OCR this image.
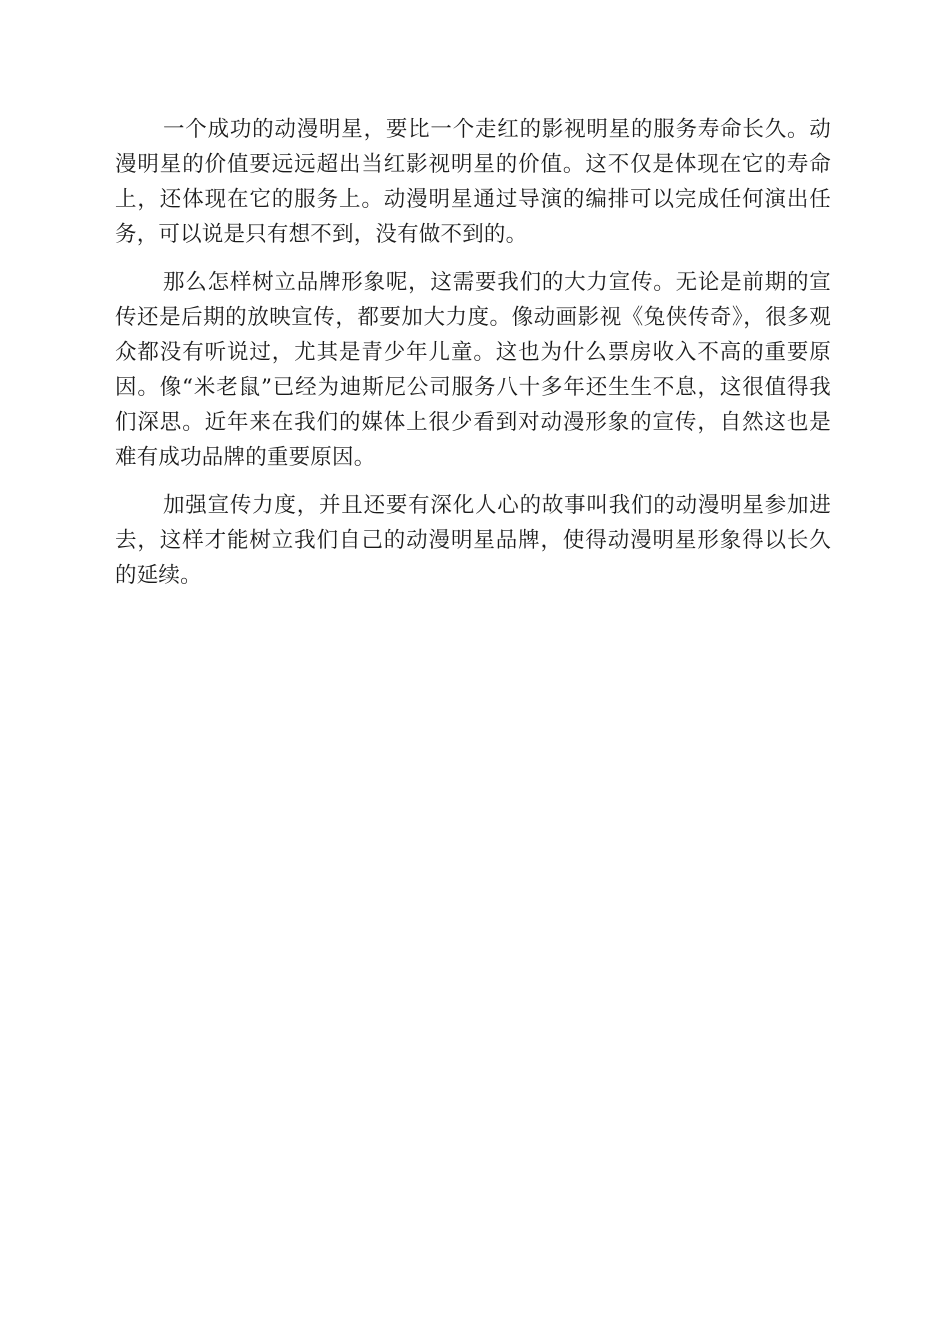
一个成功的动漫明星，要比一个走红的影视明星的服务寿命长久。动漫明星的价值要远远超出当红影视明星的价值。这不仅是体现在它的寿命上，还体现在它的服务上。动漫明星通过导演的编排可以完成任何演出任务，可以说是只有想不到，没有做不到的。

那么怎样树立品牌形象呢，这需要我们的大力宣传。无论是前期的宣传还是后期的放映宣传，都要加大力度。像动画影视《兔侠传奇》，很多观众都没有听说过，尤其是青少年儿童。这也为什么票房收入不高的重要原因。像“米老鼠”已经为迪斯尼公司服务八十多年还生生不息，这很值得我们深思。近年来在我们的媒体上很少看到对动漫形象的宣传，自然这也是难有成功品牌的重要原因。

加强宣传力度，并且还要有深化人心的故事叫我们的动漫明星参加进去，这样才能树立我们自己的动漫明星品牌，使得动漫明星形象得以长久的延续。
